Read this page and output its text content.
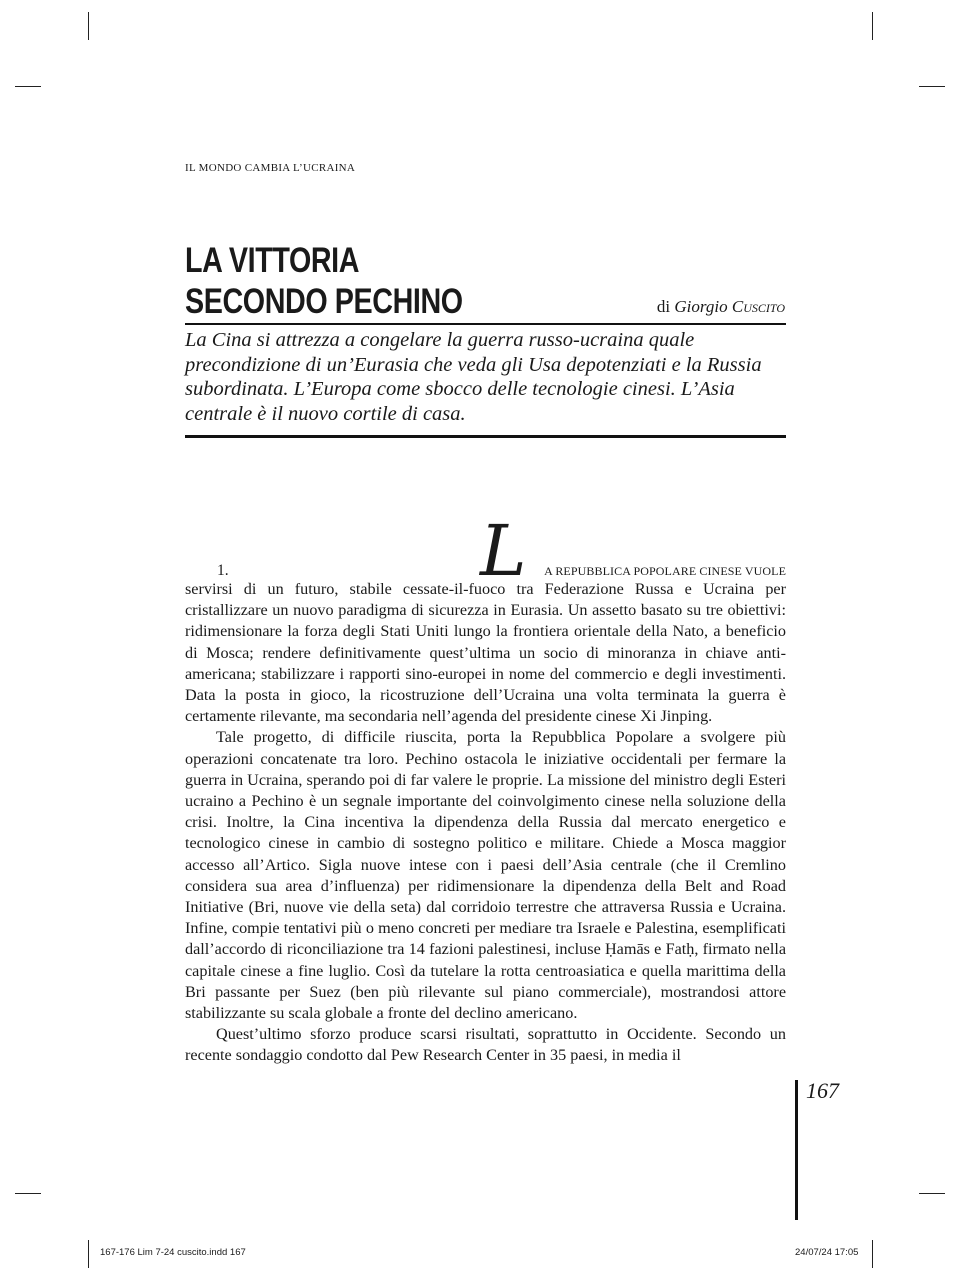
IL MONDO CAMBIA L’UCRAINA
LA VITTORIA
SECONDO PECHINO	di Giorgio Cuscito

La Cina si attrezza a congelare la guerra russo-ucraina quale precondizione di un’Eurasia che veda gli Usa depotenziati e la Russia subordinata. L’Europa come sbocco delle tecnologie cinesi. L’Asia centrale è il nuovo cortile di casa.

1.	L	A REPUBBLICA POPOLARE CINESE VUOLE

servirsi di un futuro, stabile cessate-il-fuoco tra Federazione Russa e Ucraina per cristallizzare un nuovo paradigma di sicurezza in Eurasia. Un assetto basato su tre obiettivi: ridimensionare la forza degli Stati Uniti lungo la frontiera orientale della Nato, a beneficio di Mosca; rendere definitivamente quest’ultima un socio di minoranza in chiave anti-americana; stabilizzare i rapporti sino-europei in nome del commercio e degli investimenti. Data la posta in gioco, la ricostruzione dell’Ucraina una volta terminata la guerra è certamente rilevante, ma secondaria nell’agenda del presidente cinese Xi Jinping.

Tale progetto, di difficile riuscita, porta la Repubblica Popolare a svolgere più operazioni concatenate tra loro. Pechino ostacola le iniziative occidentali per fermare la guerra in Ucraina, sperando poi di far valere le proprie. La missione del ministro degli Esteri ucraino a Pechino è un segnale importante del coinvolgimento cinese nella soluzione della crisi. Inoltre, la Cina incentiva la dipendenza della Russia dal mercato energetico e tecnologico cinese in cambio di sostegno politico e militare. Chiede a Mosca maggior accesso all’Artico. Sigla nuove intese con i paesi dell’Asia centrale (che il Cremlino considera sua area d’influenza) per ridimensionare la dipendenza della Belt and Road Initiative (Bri, nuove vie della seta) dal corridoio terrestre che attraversa Russia e Ucraina. Infine, compie tentativi più o meno concreti per mediare tra Israele e Palestina, esemplificati dall’accordo di riconciliazione tra 14 fazioni palestinesi, incluse Ḥamās e Fatḥ, firmato nella capitale cinese a fine luglio. Così da tutelare la rotta centroasiatica e quella marittima della Bri passante per Suez (ben più rilevante sul piano commerciale), mostrandosi attore stabilizzante su scala globale a fronte del declino americano.

Quest’ultimo sforzo produce scarsi risultati, soprattutto in Occidente. Secondo un recente sondaggio condotto dal Pew Research Center in 35 paesi, in media il

167
167-176 Lim 7-24 cuscito.indd 167	24/07/24 17:05
